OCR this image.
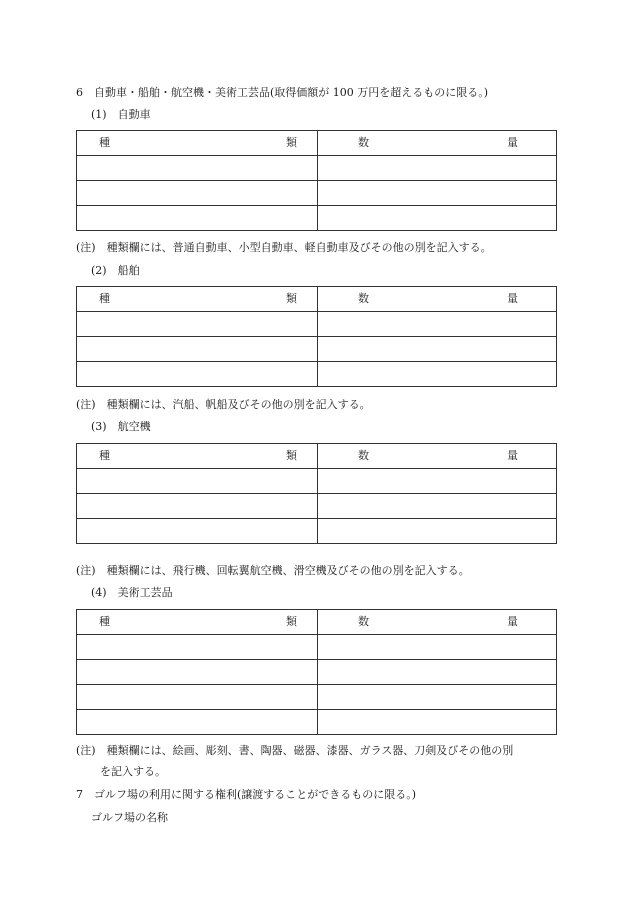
6　自動車・船舶・航空機・美術工芸品(取得価額が 100 万円を超えるものに限る。)
(1)　自動車
種 類	数 量

(注)　種類欄には、普通自動車、小型自動車、軽自動車及びその他の別を記入する。
(2)　船舶
種 類	数 量

(注)　種類欄には、汽船、帆船及びその他の別を記入する。
(3)　航空機
種 類	数 量

(注)　種類欄には、飛行機、回転翼航空機、滑空機及びその他の別を記入する。
(4)　美術工芸品
種 類	数 量

(注)　種類欄には、絵画、彫刻、書、陶器、磁器、漆器、ガラス器、刀剣及びその他の別
を記入する。
7　ゴルフ場の利用に関する権利(譲渡することができるものに限る。)
ゴルフ場の名称
